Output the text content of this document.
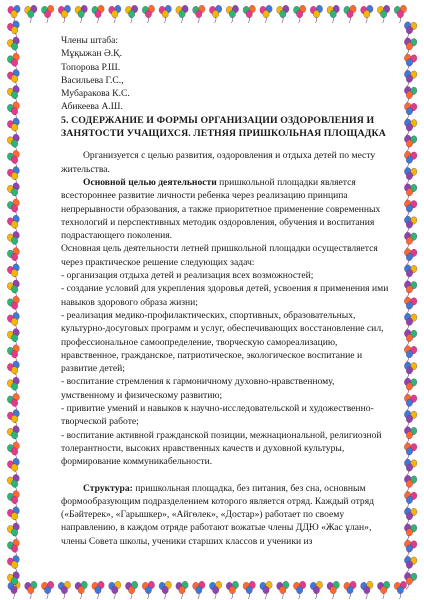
Члены штаба:
Мұқыжан Ә.Қ.
Топорова Р.Ш.
Васильева Г.С.,
Мубаракова К.С.
Абикеева А.Ш.

5. СОДЕРЖАНИЕ И ФОРМЫ ОРГАНИЗАЦИИ ОЗДОРОВЛЕНИЯ И ЗАНЯТОСТИ УЧАЩИХСЯ. ЛЕТНЯЯ ПРИШКОЛЬНАЯ ПЛОЩАДКА

Организуется с целью развития, оздоровления и отдыха детей по месту жительства.

Основной целью деятельности пришкольной площадки является всестороннее развитие личности ребенка через реализацию принципа непрерывности образования, а также приоритетное применение современных технологий и перспективных методик оздоровления, обучения и воспитания подрастающего поколения.

Основная цель деятельности летней пришкольной площадки осуществляется через практическое решение следующих задач:

- организация отдыха детей и реализация всех возможностей;
- создание условий для укрепления здоровья детей, усвоения я применения ими навыков здорового образа жизни;
- реализация медико-профилактических, спортивных, образовательных, культурно-досуговых программ и услуг, обеспечивающих восстановление сил, профессиональное самоопределение, творческую самореализацию, нравственное, гражданское, патриотическое, экологическое воспитание и развитие детей;
- воспитание стремления к гармоничному духовно-нравственному, умственному и физическому развитию;
- привитие умений и навыков к научно-исследовательской и художественно-творческой работе;
- воспитание активной гражданской позиции, межнациональной, религиозной толерантности, высоких нравственных качеств и духовной культуры, формирование коммуникабельности.

Структура: пришкольная площадка, без питания, без сна, основным формообразующим подразделением которого является отряд. Каждый отряд («Бәйтерек», «Гарышкер», «Айгөлек», «Достар») работает по своему направлению, в каждом отряде работают вожатые члены ДДЮ «Жас ұлан», члены Совета школы, ученики старших классов и ученики из
